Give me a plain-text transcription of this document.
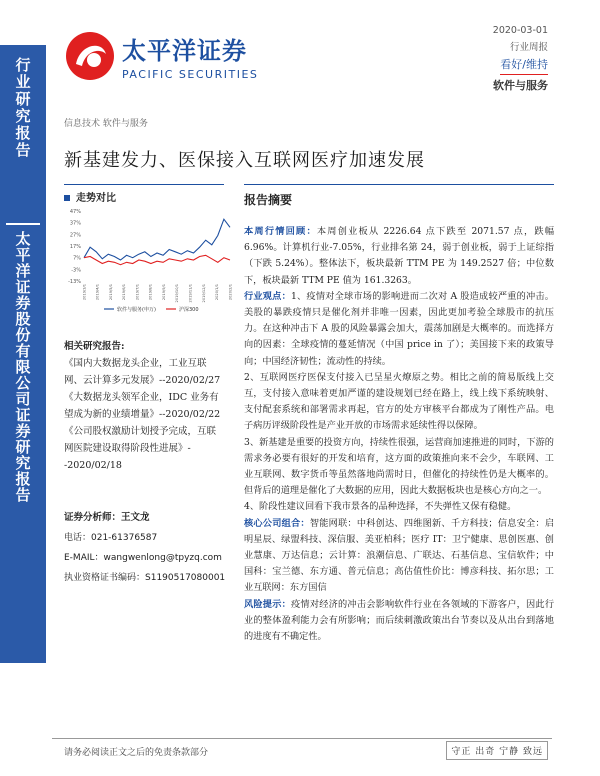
行业研究报告
太平洋证券股份有限公司证券研究报告
太平洋证券
PACIFIC SECURITIES
2020-03-01
行业周报
看好/维持
软件与服务
信息技术 软件与服务
新基建发力、医保接入互联网医疗加速发展
走势对比
47%
37%
27%
17%
7%
-3%
-13%
2019/3/1	2019/4/1	2019/5/1	2019/6/1	2019/7/1	2019/8/1	2019/9/1	2019/10/1	2019/11/1	2019/12/1	2020/1/1	2020/2/1
软件与服务(申万)	沪深300
相关研究报告:
《国内大数据龙头企业，工业互联网、云计算多元发展》--2020/02/27
《大数据龙头领军企业，IDC 业务有望成为新的业绩增量》--2020/02/22
《公司股权激励计划授予完成，互联网医院建设取得阶段性进展》--2020/02/18
证券分析师：王文龙
电话：021-61376587
E-MAIL：wangwenlong@tpyzq.com
执业资格证书编码：S1190517080001
报告摘要

本周行情回顾：本周创业板从 2226.64 点下跌至 2071.57 点，跌幅 6.96%。计算机行业-7.05%，行业排名第 24，弱于创业板，弱于上证综指（下跌 5.24%）。整体法下，板块最新 TTM PE 为 149.2527 倍；中位数下，板块最新 TTM PE 值为 161.3263。

行业观点：1、疫情对全球市场的影响进而二次对 A 股造成较严重的冲击。美股的暴跌疫情只是催化剂并非唯一因素，因此更加考验全球股市的抗压力。在这种冲击下 A 股的风险暴露会加大，震荡加剧是大概率的。而选择方向的因素：全球疫情的蔓延情况（中国 price in 了）；美国接下来的政策导向；中国经济韧性；流动性的持续。

2、互联网医疗医保支付接入已呈星火燎原之势。相比之前的简易版线上交互，支付接入意味着更加严谨的建设规划已经在路上，线上线下系统映射、支付配套系统和部署需求再起，官方的处方审核平台都成为了刚性产品。电子病历评级阶段性是产业开放的市场需求延续性得以保障。

3、新基建是重要的投资方向，持续性很强，运营商加速推进的同时，下游的需求务必要有很好的开发和培育，这方面的政策推向来不会少，车联网、工业互联网、数字货币等虽然落地尚需时日，但催化的持续性仍是大概率的。但背后的道理是催化了大数据的应用，因此大数据板块也是核心方向之一。

4、阶段性建议回看下我市景各的品种选择，不失弹性又保有稳健。

核心公司组合：智能网联：中科创达、四维图新、千方科技；信息安全：启明星辰、绿盟科技、深信服、美亚柏科；医疗 IT：卫宁健康、思创医惠、创业慧康、万达信息；云计算：浪潮信息、广联达、石基信息、宝信软件；中国科：宝兰德、东方通、普元信息；高估值性价比：博彦科技、拓尔思；工业互联网：东方国信

风险提示：疫情对经济的冲击会影响软件行业在各领域的下游客户，因此行业的整体盈利能力会有所影响；而后续刺激政策出台节奏以及从出台到落地的进度有不确定性。

请务必阅读正文之后的免责条款部分	守正 出奇 宁静 致远
